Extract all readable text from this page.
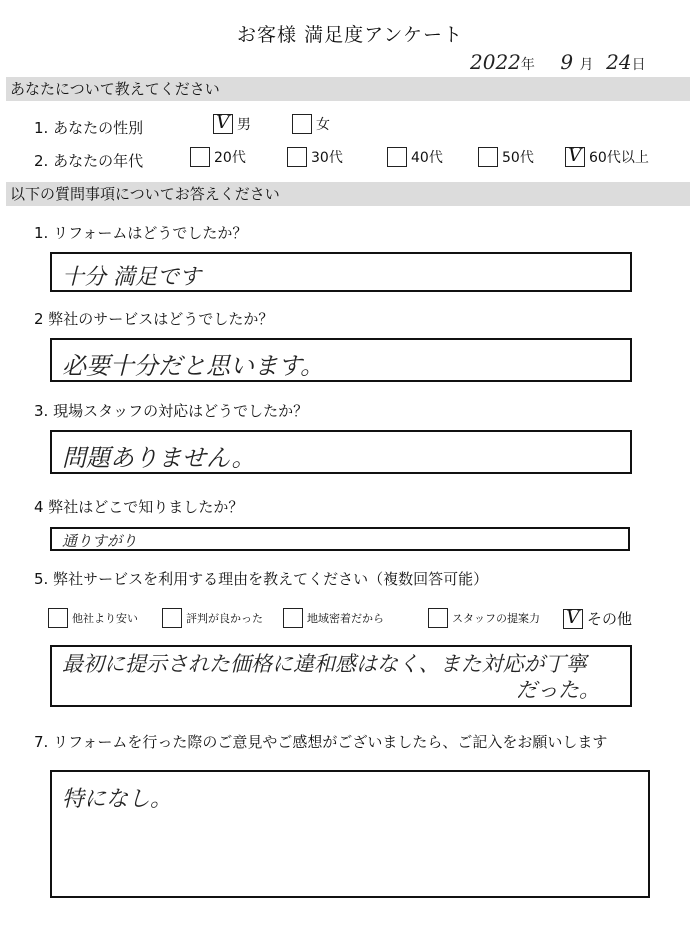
お客様 満足度アンケート
2022年 9 月 24日
あなたについて教えてください
1. あなたの性別 V	男	女
2. あなたの年代	20代	30代	40代	50代 V	60代以上
以下の質問事項についてお答えください
1. リフォームはどうでしたか？
十分 満足です
2 弊社のサービスはどうでしたか？
必要十分だと思います。
3. 現場スタッフの対応はどうでしたか？
問題ありません。
4 弊社はどこで知りましたか？
通りすがり
5. 弊社サービスを利用する理由を教えてください（複数回答可能）
他社より安い	評判が良かった	地域密着だから	スタッフの提案力 V	その他
最初に提示された価格に違和感はなく、また対応が丁寧
だった。
7. リフォームを行った際のご意見やご感想がございましたら、ご記入をお願いします
特になし。
